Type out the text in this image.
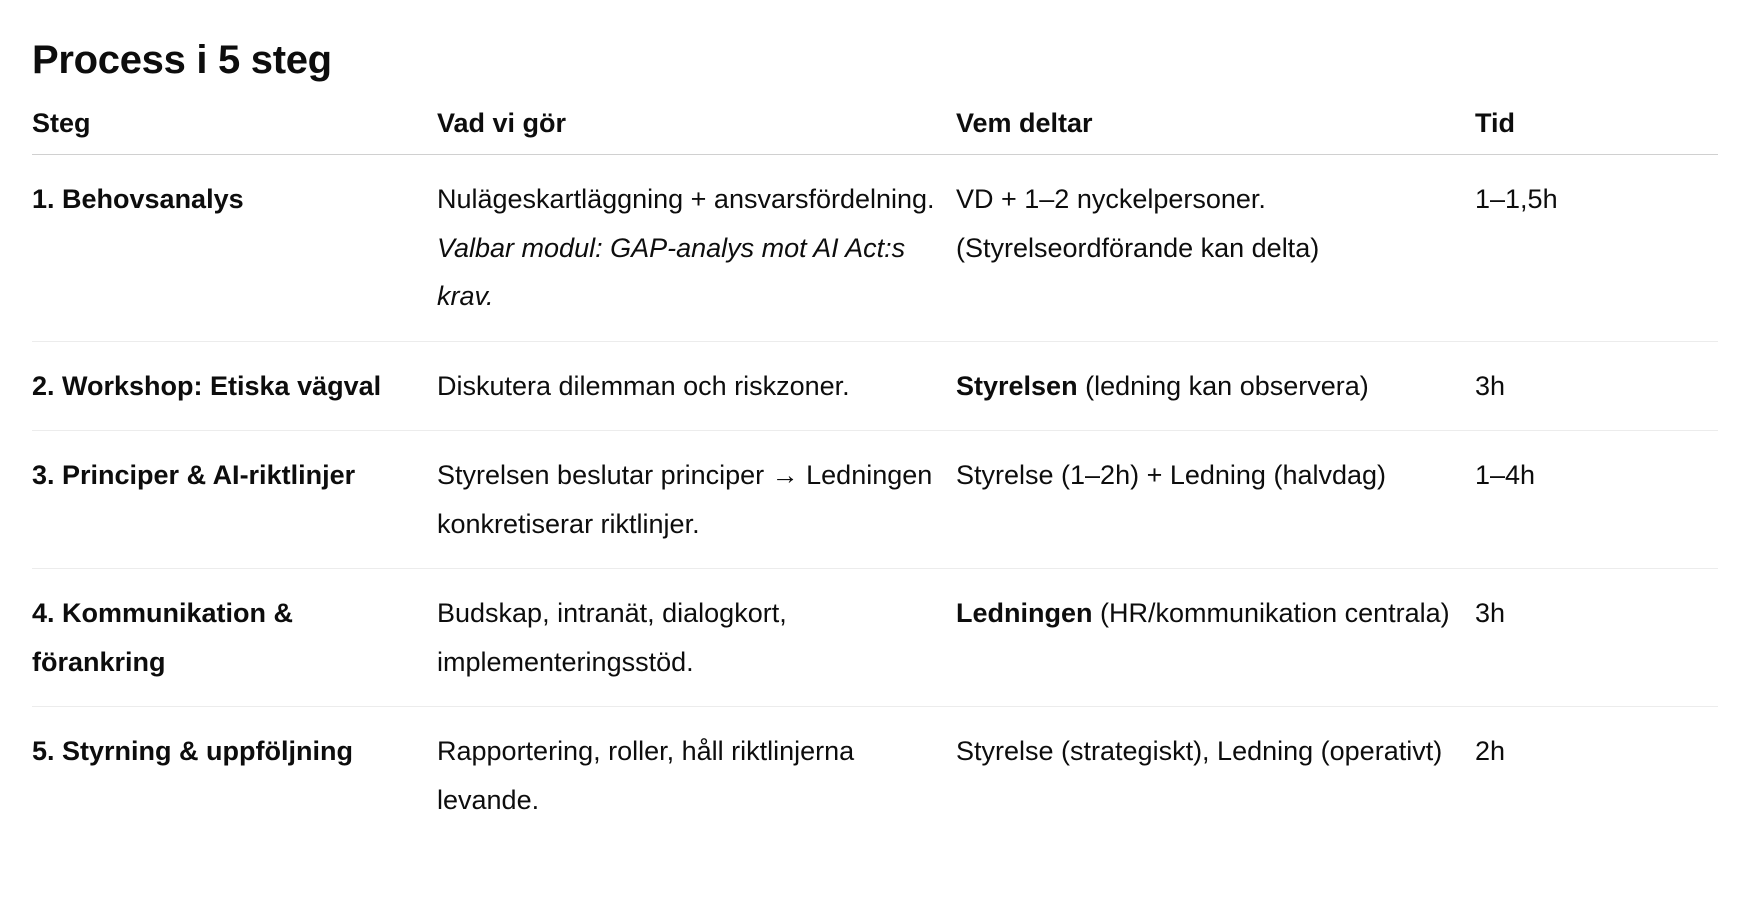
Process i 5 steg
Steg	Vad vi gör	Vem deltar	Tid
1. Behovsanalys	Nulägeskartläggning + ansvarsfördelning. Valbar modul: GAP-analys mot AI Act:s krav.	VD + 1–2 nyckelpersoner. (Styrelseordförande kan delta)	1–1,5h
2. Workshop: Etiska vägval	Diskutera dilemman och riskzoner.	Styrelsen (ledning kan observera)	3h
3. Principer & AI-riktlinjer	Styrelsen beslutar principer → Ledningen konkretiserar riktlinjer.	Styrelse (1–2h) + Ledning (halvdag)	1–4h
4. Kommunikation & förankring	Budskap, intranät, dialogkort, implementeringsstöd.	Ledningen (HR/kommunikation centrala)	3h
5. Styrning & uppföljning	Rapportering, roller, håll riktlinjerna levande.	Styrelse (strategiskt), Ledning (operativt)	2h
